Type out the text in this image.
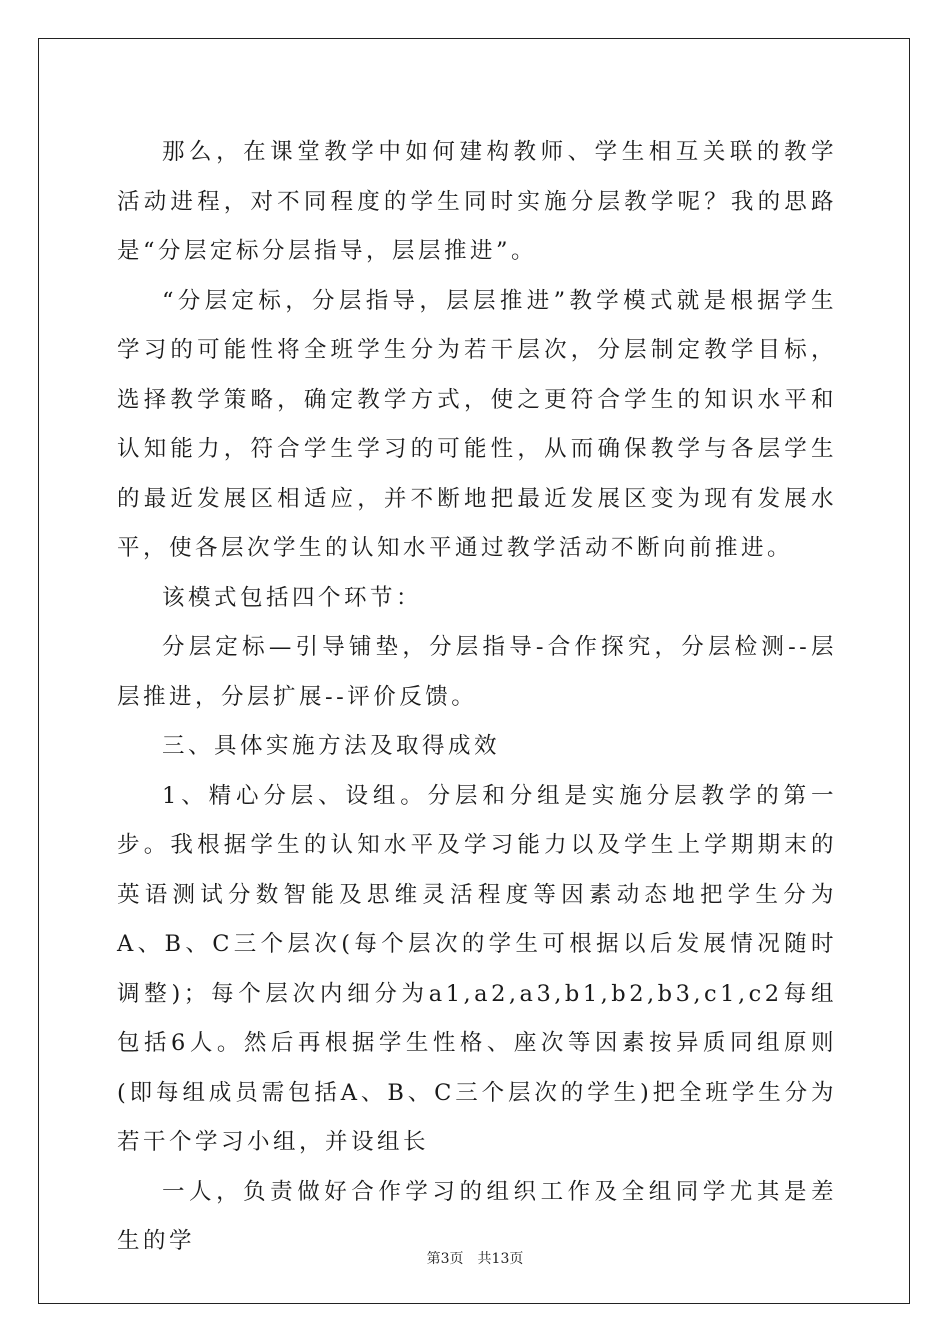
那么，在课堂教学中如何建构教师、学生相互关联的教学活动进程，对不同程度的学生同时实施分层教学呢？我的思路是“分层定标分层指导，层层推进”。

“分层定标，分层指导，层层推进”教学模式就是根据学生学习的可能性将全班学生分为若干层次，分层制定教学目标，选择教学策略，确定教学方式，使之更符合学生的知识水平和认知能力，符合学生学习的可能性，从而确保教学与各层学生的最近发展区相适应，并不断地把最近发展区变为现有发展水平，使各层次学生的认知水平通过教学活动不断向前推进。

该模式包括四个环节：

分层定标—引导铺垫，分层指导-合作探究，分层检测--层层推进，分层扩展--评价反馈。

三、具体实施方法及取得成效

1、精心分层、设组。分层和分组是实施分层教学的第一步。我根据学生的认知水平及学习能力以及学生上学期期末的英语测试分数智能及思维灵活程度等因素动态地把学生分为A、B、C三个层次(每个层次的学生可根据以后发展情况随时调整)；每个层次内细分为a1,a2,a3,b1,b2,b3,c1,c2每组包括6人。然后再根据学生性格、座次等因素按异质同组原则(即每组成员需包括A、B、C三个层次的学生)把全班学生分为若干个学习小组，并设组长

一人，负责做好合作学习的组织工作及全组同学尤其是差生的学

第3页 共13页
